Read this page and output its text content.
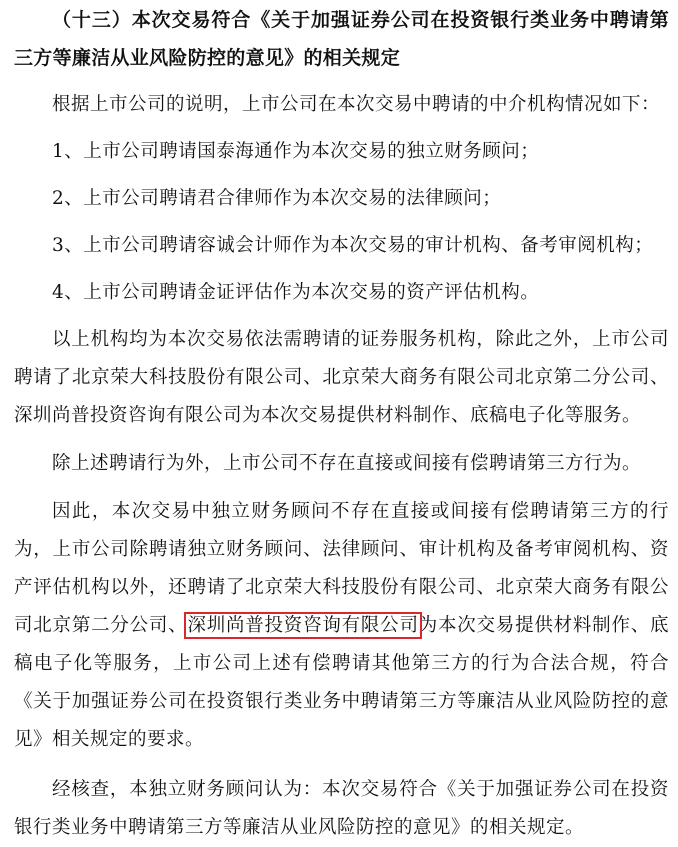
（十三）本次交易符合《关于加强证券公司在投资银行类业务中聘请第三方等廉洁从业风险防控的意见》的相关规定

根据上市公司的说明，上市公司在本次交易中聘请的中介机构情况如下：

1、上市公司聘请国泰海通作为本次交易的独立财务顾问；

2、上市公司聘请君合律师作为本次交易的法律顾问；

3、上市公司聘请容诚会计师作为本次交易的审计机构、备考审阅机构；

4、上市公司聘请金证评估作为本次交易的资产评估机构。

以上机构均为本次交易依法需聘请的证券服务机构，除此之外，上市公司聘请了北京荣大科技股份有限公司、北京荣大商务有限公司北京第二分公司、深圳尚普投资咨询有限公司为本次交易提供材料制作、底稿电子化等服务。

除上述聘请行为外，上市公司不存在直接或间接有偿聘请第三方行为。

因此，本次交易中独立财务顾问不存在直接或间接有偿聘请第三方的行为，上市公司除聘请独立财务顾问、法律顾问、审计机构及备考审阅机构、资产评估机构以外，还聘请了北京荣大科技股份有限公司、北京荣大商务有限公司北京第二分公司、深圳尚普投资咨询有限公司为本次交易提供材料制作、底稿电子化等服务，上市公司上述有偿聘请其他第三方的行为合法合规，符合《关于加强证券公司在投资银行类业务中聘请第三方等廉洁从业风险防控的意见》相关规定的要求。

经核查，本独立财务顾问认为：本次交易符合《关于加强证券公司在投资银行类业务中聘请第三方等廉洁从业风险防控的意见》的相关规定。
